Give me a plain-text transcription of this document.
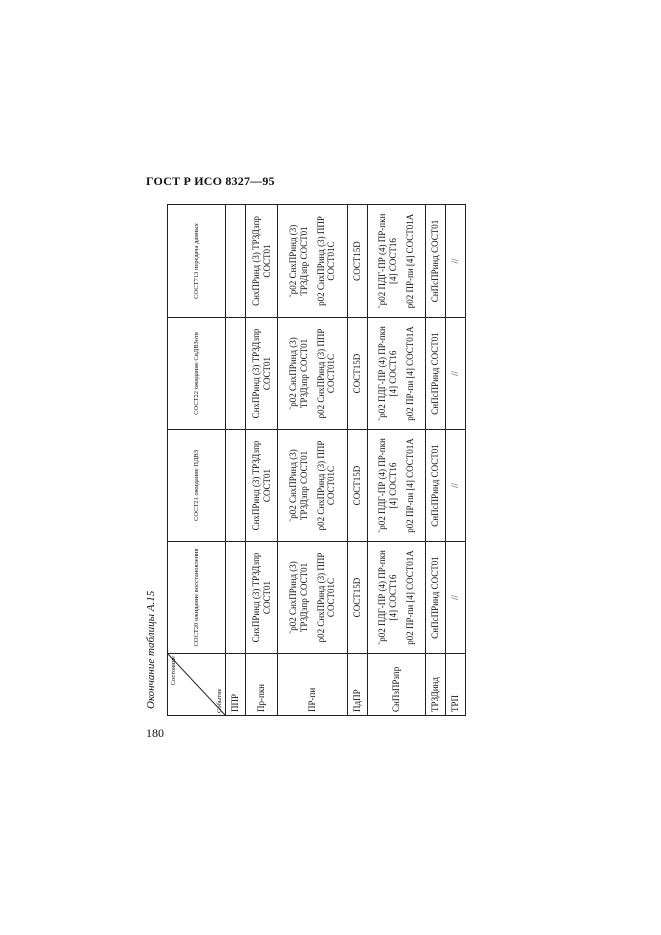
ГОСТ Р ИСО 8327—95
Окончание таблицы А.15
180
Состояние
Событие	СОСТ20 ожидание восстановления	СОСТ21 ожидание ПДВЗ	СОСТ22 ожидание СвДВЗотв	СОСТ713 передача данных
ППР				
Пр-пкн	СнхПРинд (3) ТРЗДзпр СОСТ01	СнхПРинд (3) ТРЗДзпр СОСТ01	СнхПРинд (3) ТРЗДзпр СОСТ01	СнхПРинд (3) ТРЗДзпр СОСТ01

ПР-пи	˜р02 СнхПРинд (3) ТРЗДзпр СОСТ01 р02 СнхПРинд (3) ППР СОСТ01С	˜р02 СнхПРинд (3) ТРЗДзпр СОСТ01 р02 СнхПРинд (3) ППР СОСТ01С	˜р02 СнхПРинд (3) ТРЗДзпр СОСТ01 р02 СнхПРинд (3) ППР СОСТ01С	˜р02 СнхПРинд (3) ТРЗДзпр СОСТ01 р02 СнхПРинд (3) ППР СОСТ01С

ПдПР	СОСТ15D	СОСТ15D	СОСТ15D	СОСТ15D

СнПзПРзпр	˜р02 ПДГ-ПР (4) ПР-пкн [4] СОСТ16 р02 ПР-пи [4] СОСТ01А	˜р02 ПДГ-ПР (4) ПР-пкн [4] СОСТ16 р02 ПР-пи [4] СОСТ01А	˜р02 ПДГ-ПР (4) ПР-пкн [4] СОСТ16 р02 ПР-пи [4] СОСТ01А	˜р02 ПДГ-ПР (4) ПР-пкн [4] СОСТ16 р02 ПР-пи [4] СОСТ01А

ТРЗДинд	СнПсПРинд СОСТ01	СнПсПРинд СОСТ01	СнПсПРинд СОСТ01	СнПсПРинд СОСТ01

ТРП	//	//	//	//
